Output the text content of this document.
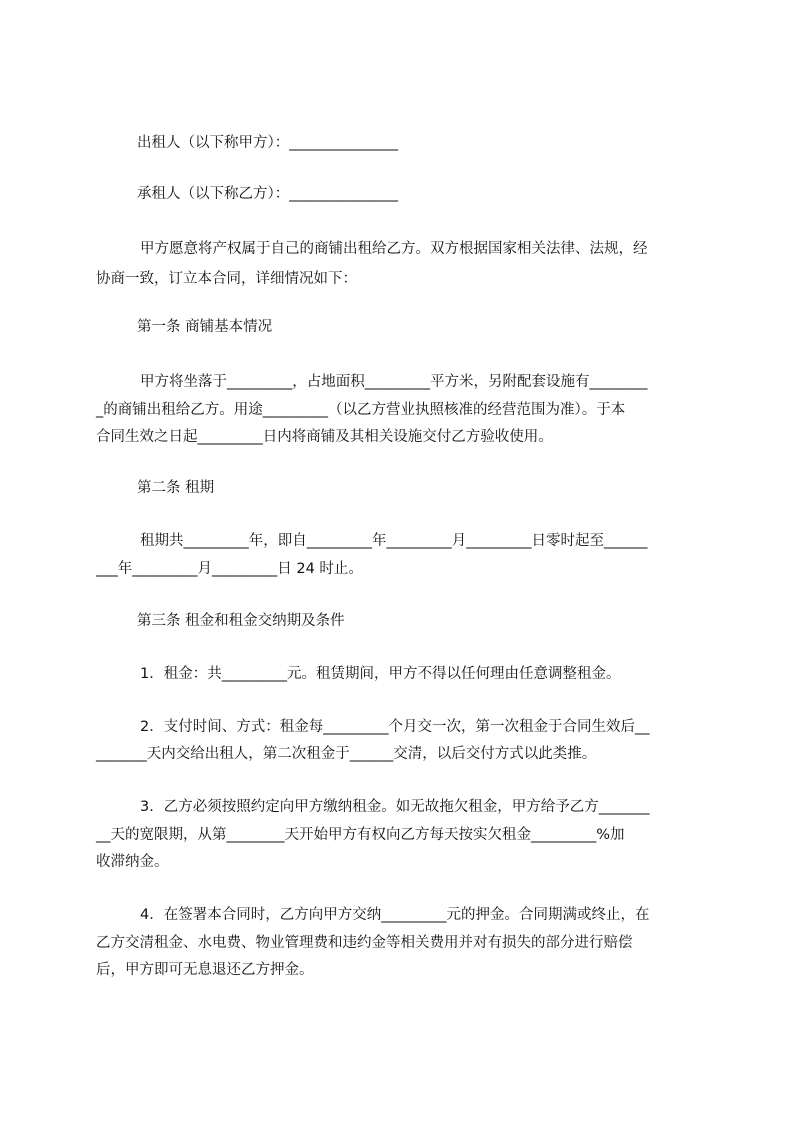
出租人（以下称甲方）：_______________
承租人（以下称乙方）：_______________
甲方愿意将产权属于自己的商铺出租给乙方。双方根据国家相关法律、法规，经
协商一致，订立本合同，详细情况如下：
第一条 商铺基本情况
甲方将坐落于_________，占地面积_________平方米，另附配套设施有________
_的商铺出租给乙方。用途_________（以乙方营业执照核准的经营范围为准）。于本
合同生效之日起_________日内将商铺及其相关设施交付乙方验收使用。
第二条 租期
租期共_________年，即自_________年_________月_________日零时起至______
___年_________月_________日 24 时止。
第三条 租金和租金交纳期及条件
1．租金：共_________元。租赁期间，甲方不得以任何理由任意调整租金。
2．支付时间、方式：租金每_________个月交一次，第一次租金于合同生效后__
_______天内交给出租人，第二次租金于______交清，以后交付方式以此类推。
3．乙方必须按照约定向甲方缴纳租金。如无故拖欠租金，甲方给予乙方_______
__天的宽限期，从第________天开始甲方有权向乙方每天按实欠租金_________%加
收滞纳金。
4．在签署本合同时，乙方向甲方交纳_________元的押金。合同期满或终止，在
乙方交清租金、水电费、物业管理费和违约金等相关费用并对有损失的部分进行赔偿
后，甲方即可无息退还乙方押金。
